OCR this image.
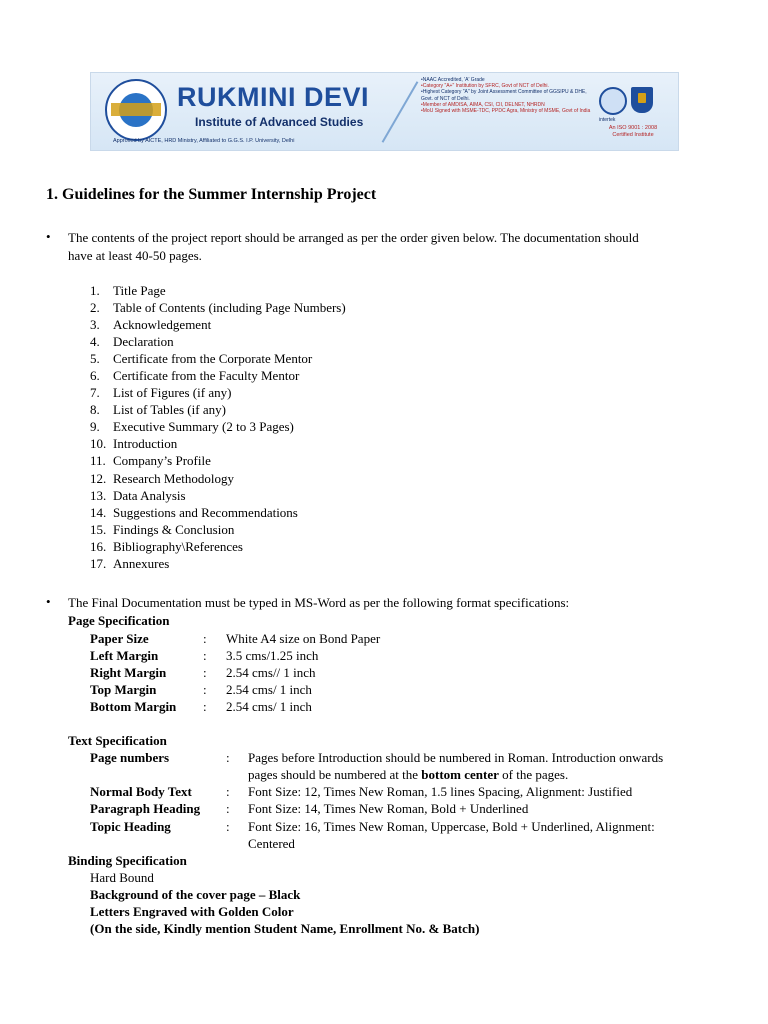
RUKMINI DEVI
Institute of Advanced Studies
Approved by AICTE, HRD Ministry, Affiliated to G.G.S. I.P. University, Delhi
• NAAC Accredited, 'A' Grade
• Category "A+" Institution by SFRC, Govt of NCT of Delhi.
• Highest Category "A" by Joint Assessment Committee of GGSIPU & DHE, Govt. of NCT of Delhi.
• Member of AMDISA, AIMA, CSI, CII, DELNET, NHRDN
• MoU Signed with MSME-TDC, PPDC Agra, Ministry of MSME, Govt of India
intertek
An ISO 9001 : 2008
Certified Institute
1. Guidelines for the Summer Internship Project
• The contents of the project report should be arranged as per the order given below. The documentation should
have at least 40-50 pages.
1.	Title Page
2.	Table of Contents (including Page Numbers)
3.	Acknowledgement
4.	Declaration
5.	Certificate from the Corporate Mentor
6.	Certificate from the Faculty Mentor
7.	List of Figures (if any)
8.	List of Tables (if any)
9.	Executive Summary (2 to 3 Pages)
10. Introduction
11. Company’s Profile
12. Research Methodology
13. Data Analysis
14. Suggestions and Recommendations
15. Findings & Conclusion
16. Bibliography\References
17. Annexures
• The Final Documentation must be typed in MS-Word as per the following format specifications:
Page Specification
Paper Size	: White A4 size on Bond Paper
Left Margin	: 3.5 cms/1.25 inch
Right Margin	: 2.54 cms// 1 inch
Top Margin	: 2.54 cms/ 1 inch
Bottom Margin : 2.54 cms/ 1 inch
Text Specification
Page numbers	: Pages before Introduction should be numbered in Roman. Introduction onwards
pages should be numbered at the bottom center of the pages.
Normal Body Text	: Font Size: 12, Times New Roman, 1.5 lines Spacing, Alignment: Justified
Paragraph Heading : Font Size: 14, Times New Roman, Bold + Underlined
Topic Heading	: Font Size: 16, Times New Roman, Uppercase, Bold + Underlined, Alignment:
Centered
Binding Specification
Hard Bound
Background of the cover page – Black
Letters Engraved with Golden Color
(On the side, Kindly mention Student Name, Enrollment No. & Batch)
